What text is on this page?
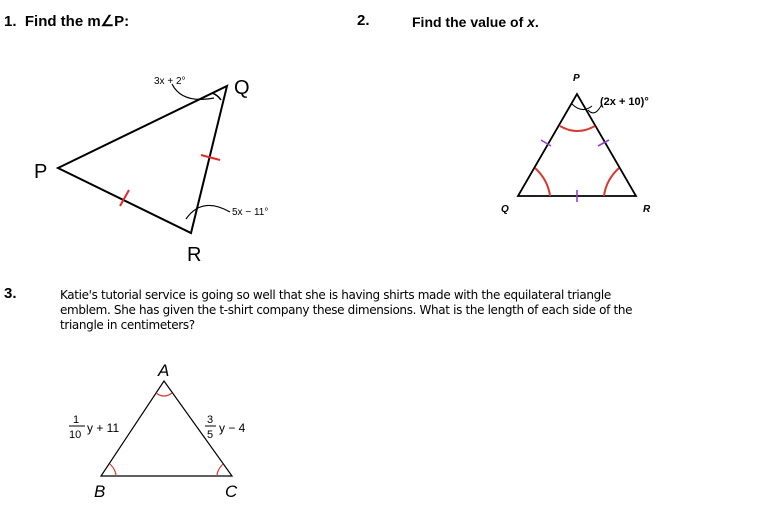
1. Find the m∠P:	2.	Find the value of x.
3.	Katie's tutorial service is going so well that she is having shirts made with the equilateral triangle emblem. She has given the t-shirt company these dimensions. What is the length of each side of the triangle in centimeters?
P
Q
R
3x + 2°
5x − 11°
P
Q	R
(2x + 10)°
A
B	C
1
10 y + 11
3
5 y − 4
